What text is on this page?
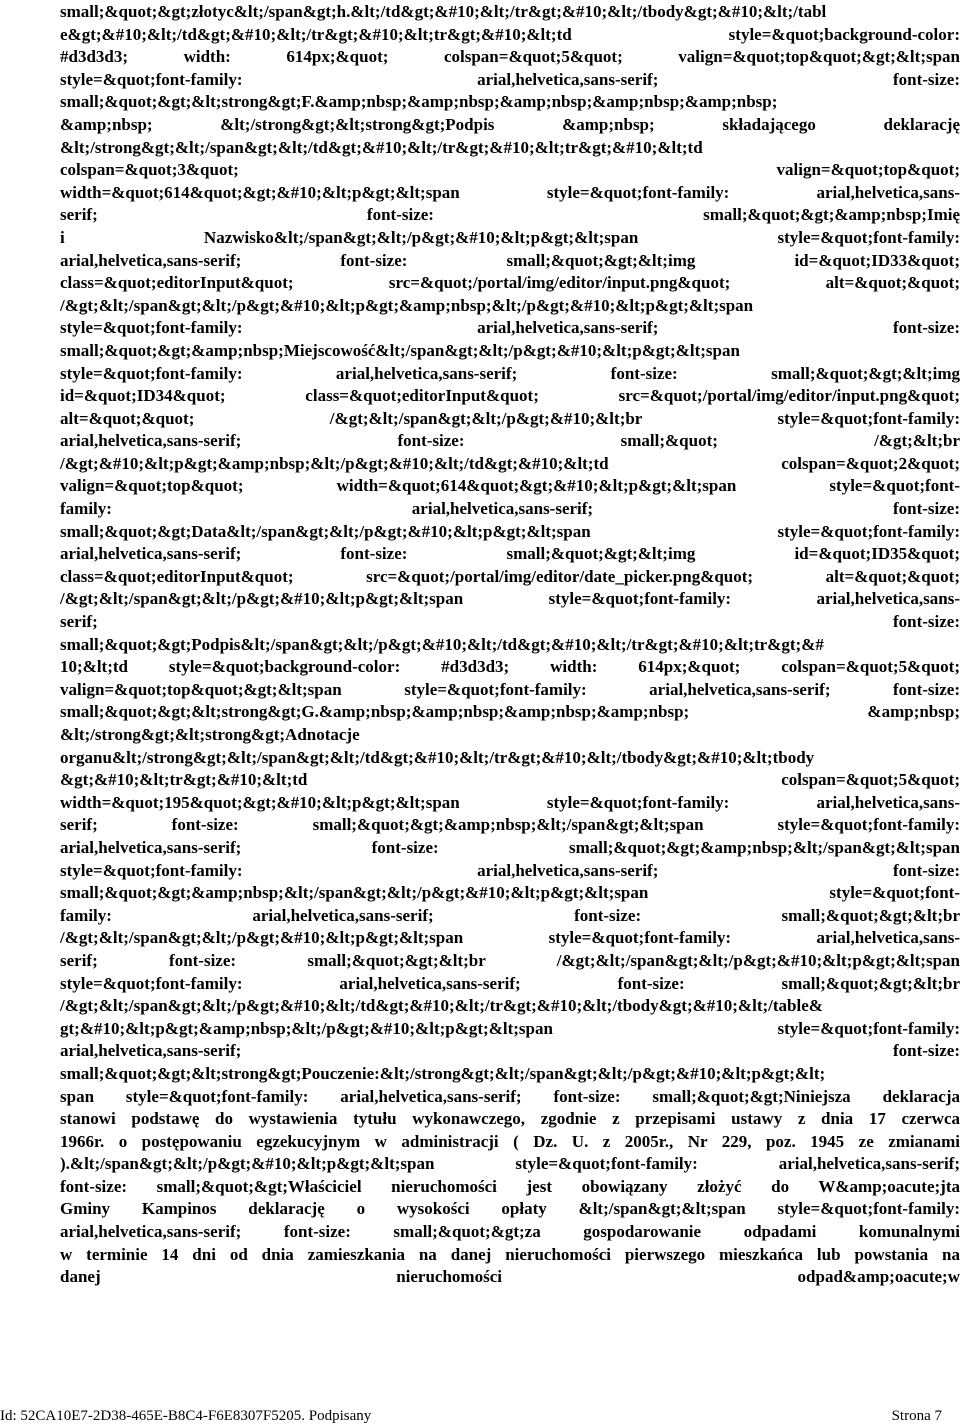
small;&quot;&gt;złotyc&lt;/span&gt;h.&lt;/td&gt;&#10;&lt;/tr&gt;&#10;&lt;/tbody&gt;&#10;&lt;/tabl
e&gt;&#10;&lt;/td&gt;&#10;&lt;/tr&gt;&#10;&lt;tr&gt;&#10;&lt;td style=&quot;background-color:
#d3d3d3; width: 614px;&quot; colspan=&quot;5&quot; valign=&quot;top&quot;&gt;&lt;span
style=&quot;font-family: arial,helvetica,sans-serif; font-size:
small;&quot;&gt;&lt;strong&gt;F.&amp;nbsp;&amp;nbsp;&amp;nbsp;&amp;nbsp;&amp;nbsp;
&amp;nbsp; &lt;/strong&gt;&lt;strong&gt;Podpis &amp;nbsp; składającego deklarację
&lt;/strong&gt;&lt;/span&gt;&lt;/td&gt;&#10;&lt;/tr&gt;&#10;&lt;tr&gt;&#10;&lt;td
colspan=&quot;3&quot; valign=&quot;top&quot;
width=&quot;614&quot;&gt;&#10;&lt;p&gt;&lt;span style=&quot;font-family: arial,helvetica,sans-
serif; font-size: small;&quot;&gt;&amp;nbsp;Imię
i Nazwisko&lt;/span&gt;&lt;/p&gt;&#10;&lt;p&gt;&lt;span style=&quot;font-family:
arial,helvetica,sans-serif; font-size: small;&quot;&gt;&lt;img id=&quot;ID33&quot;
class=&quot;editorInput&quot; src=&quot;/portal/img/editor/input.png&quot; alt=&quot;&quot;
/&gt;&lt;/span&gt;&lt;/p&gt;&#10;&lt;p&gt;&amp;nbsp;&lt;/p&gt;&#10;&lt;p&gt;&lt;span
style=&quot;font-family: arial,helvetica,sans-serif; font-size:
small;&quot;&gt;&amp;nbsp;Miejscowość&lt;/span&gt;&lt;/p&gt;&#10;&lt;p&gt;&lt;span
style=&quot;font-family: arial,helvetica,sans-serif; font-size: small;&quot;&gt;&lt;img
id=&quot;ID34&quot; class=&quot;editorInput&quot; src=&quot;/portal/img/editor/input.png&quot;
alt=&quot;&quot; /&gt;&lt;/span&gt;&lt;/p&gt;&#10;&lt;br style=&quot;font-family:
arial,helvetica,sans-serif; font-size: small;&quot; /&gt;&lt;br
/&gt;&#10;&lt;p&gt;&amp;nbsp;&lt;/p&gt;&#10;&lt;/td&gt;&#10;&lt;td colspan=&quot;2&quot;
valign=&quot;top&quot; width=&quot;614&quot;&gt;&#10;&lt;p&gt;&lt;span style=&quot;font-
family: arial,helvetica,sans-serif; font-size:
small;&quot;&gt;Data&lt;/span&gt;&lt;/p&gt;&#10;&lt;p&gt;&lt;span style=&quot;font-family:
arial,helvetica,sans-serif; font-size: small;&quot;&gt;&lt;img id=&quot;ID35&quot;
class=&quot;editorInput&quot; src=&quot;/portal/img/editor/date_picker.png&quot; alt=&quot;&quot;
/&gt;&lt;/span&gt;&lt;/p&gt;&#10;&lt;p&gt;&lt;span style=&quot;font-family: arial,helvetica,sans-
serif; font-size:
small;&quot;&gt;Podpis&lt;/span&gt;&lt;/p&gt;&#10;&lt;/td&gt;&#10;&lt;/tr&gt;&#10;&lt;tr&gt;&#
10;&lt;td style=&quot;background-color: #d3d3d3; width: 614px;&quot; colspan=&quot;5&quot;
valign=&quot;top&quot;&gt;&lt;span style=&quot;font-family: arial,helvetica,sans-serif; font-size:
small;&quot;&gt;&lt;strong&gt;G.&amp;nbsp;&amp;nbsp;&amp;nbsp;&amp;nbsp; &amp;nbsp;
&lt;/strong&gt;&lt;strong&gt;Adnotacje
organu&lt;/strong&gt;&lt;/span&gt;&lt;/td&gt;&#10;&lt;/tr&gt;&#10;&lt;/tbody&gt;&#10;&lt;tbody
&gt;&#10;&lt;tr&gt;&#10;&lt;td colspan=&quot;5&quot;
width=&quot;195&quot;&gt;&#10;&lt;p&gt;&lt;span style=&quot;font-family: arial,helvetica,sans-
serif; font-size: small;&quot;&gt;&amp;nbsp;&lt;/span&gt;&lt;span style=&quot;font-family:
arial,helvetica,sans-serif; font-size: small;&quot;&gt;&amp;nbsp;&lt;/span&gt;&lt;span
style=&quot;font-family: arial,helvetica,sans-serif; font-size:
small;&quot;&gt;&amp;nbsp;&lt;/span&gt;&lt;/p&gt;&#10;&lt;p&gt;&lt;span style=&quot;font-
family: arial,helvetica,sans-serif; font-size: small;&quot;&gt;&lt;br
/&gt;&lt;/span&gt;&lt;/p&gt;&#10;&lt;p&gt;&lt;span style=&quot;font-family: arial,helvetica,sans-
serif; font-size: small;&quot;&gt;&lt;br /&gt;&lt;/span&gt;&lt;/p&gt;&#10;&lt;p&gt;&lt;span
style=&quot;font-family: arial,helvetica,sans-serif; font-size: small;&quot;&gt;&lt;br
/&gt;&lt;/span&gt;&lt;/p&gt;&#10;&lt;/td&gt;&#10;&lt;/tr&gt;&#10;&lt;/tbody&gt;&#10;&lt;/table&
gt;&#10;&lt;p&gt;&amp;nbsp;&lt;/p&gt;&#10;&lt;p&gt;&lt;span style=&quot;font-family:
arial,helvetica,sans-serif; font-size:
small;&quot;&gt;&lt;strong&gt;Pouczenie:&lt;/strong&gt;&lt;/span&gt;&lt;/p&gt;&#10;&lt;p&gt;&lt;
span style=&quot;font-family: arial,helvetica,sans-serif; font-size: small;&quot;&gt;Niniejsza deklaracja
stanowi podstawę do wystawienia tytułu wykonawczego, zgodnie z przepisami ustawy z dnia 17 czerwca
1966r. o postępowaniu egzekucyjnym w administracji ( Dz. U. z 2005r., Nr 229, poz. 1945 ze zmianami
).&lt;/span&gt;&lt;/p&gt;&#10;&lt;p&gt;&lt;span style=&quot;font-family: arial,helvetica,sans-serif;
font-size: small;&quot;&gt;Właściciel nieruchomości jest obowiązany złożyć do W&amp;oacute;jta
Gminy Kampinos deklarację o wysokości opłaty &lt;/span&gt;&lt;span style=&quot;font-family:
arial,helvetica,sans-serif; font-size: small;&quot;&gt;za gospodarowanie odpadami komunalnymi
w terminie 14 dni od dnia zamieszkania na danej nieruchomości pierwszego mieszkańca lub powstania na
danej nieruchomości odpad&amp;oacute;w
Id: 52CA10E7-2D38-465E-B8C4-F6E8307F5205. Podpisany	Strona 7
